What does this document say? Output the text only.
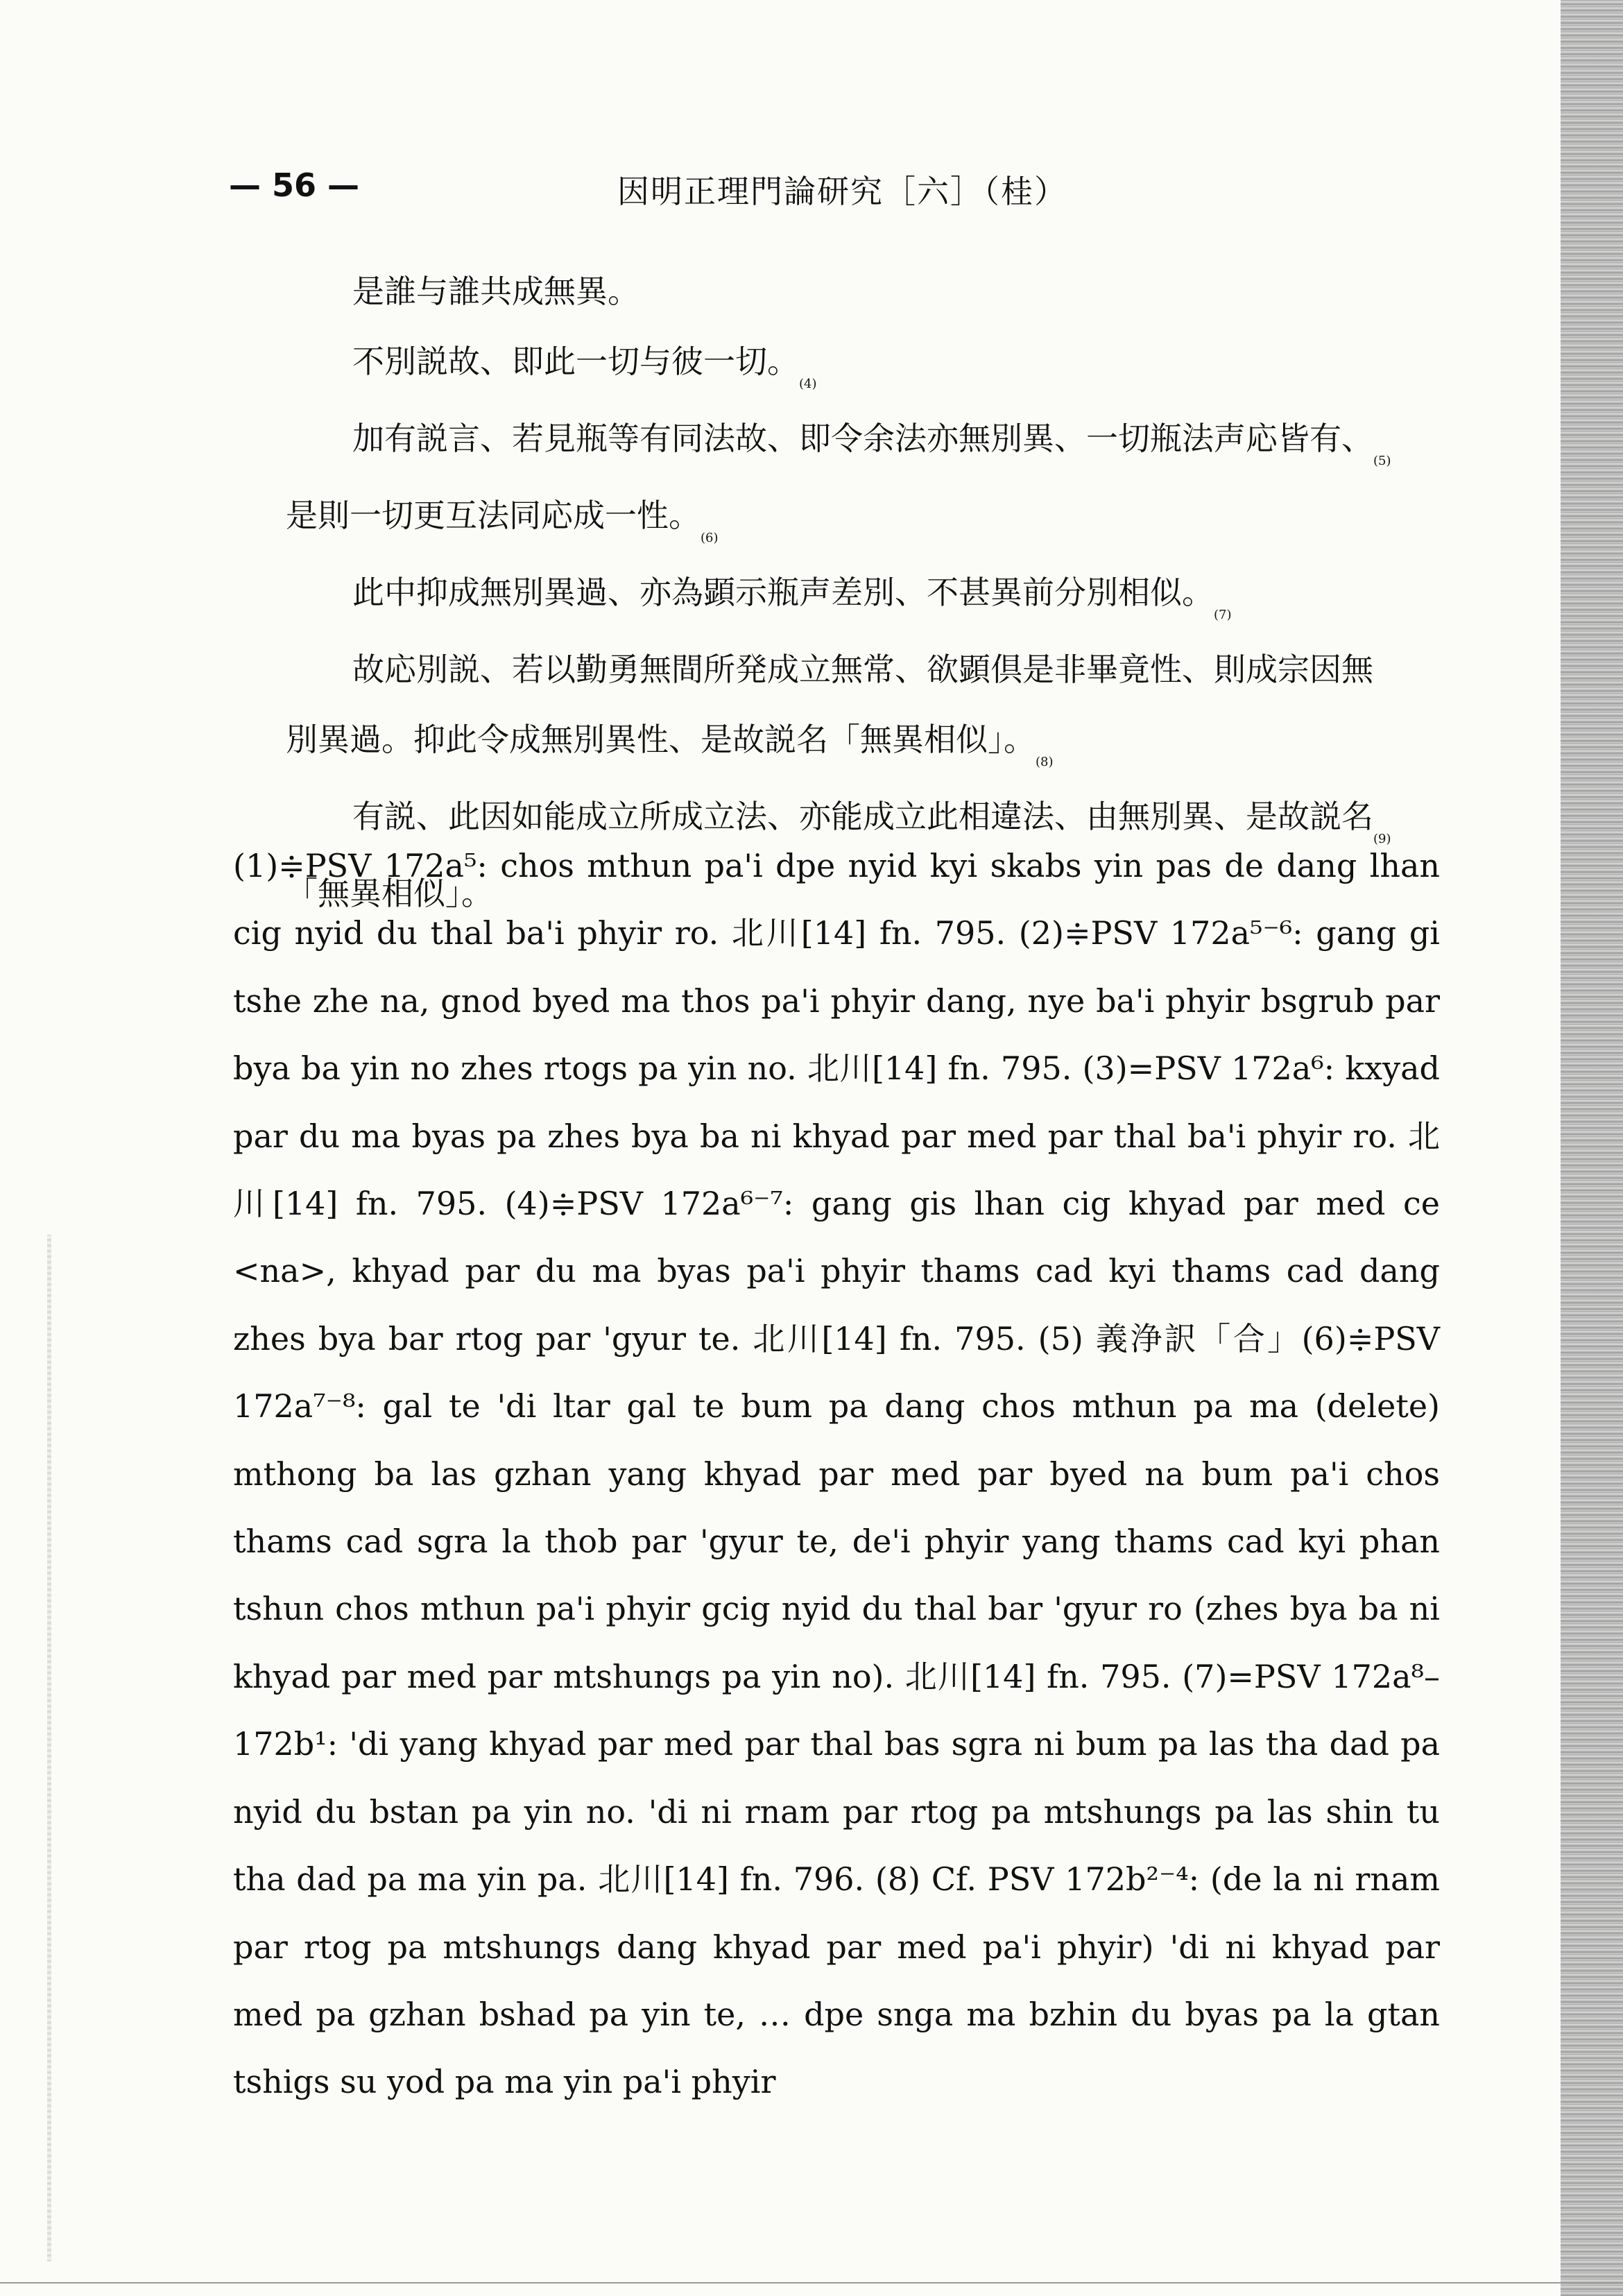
— 56 —	因明正理門論研究［六］（桂）

是誰与誰共成無異。

不別説故、即此一切与彼一切。$_{(4)}$

加有説言、若見瓶等有同法故、即令余法亦無別異、一切瓶法声応皆有、$_{(5)}$

是則一切更互法同応成一性。$_{(6)}$

此中抑成無別異過、亦為顕示瓶声差別、不甚異前分別相似。$_{(7)}$

故応別説、若以勤勇無間所発成立無常、欲顕倶是非畢竟性、則成宗因無

別異過。抑此令成無別異性、是故説名「無異相似」。$_{(8)}$

有説、此因如能成立所成立法、亦能成立此相違法、由無別異、是故説名$_{(9)}$

「無異相似」。

(1)≑PSV 172a⁵: chos mthun pa'i dpe nyid kyi skabs yin pas de dang lhan cig nyid du thal ba'i phyir ro. 北川[14] fn. 795. (2)≑PSV 172a⁵⁻⁶: gang gi tshe zhe na, gnod byed ma thos pa'i phyir dang, nye ba'i phyir bsgrub par bya ba yin no zhes rtogs pa yin no. 北川[14] fn. 795. (3)=PSV 172a⁶: kxyad par du ma byas pa zhes bya ba ni khyad par med par thal ba'i phyir ro. 北川[14] fn. 795. (4)≑PSV 172a⁶⁻⁷: gang gis lhan cig khyad par med ce <na>, khyad par du ma byas pa'i phyir thams cad kyi thams cad dang zhes bya bar rtog par 'gyur te. 北川[14] fn. 795. (5) 義浄訳「合」(6)≑PSV 172a⁷⁻⁸: gal te 'di ltar gal te bum pa dang chos mthun pa ma (delete) mthong ba las gzhan yang khyad par med par byed na bum pa'i chos thams cad sgra la thob par 'gyur te, de'i phyir yang thams cad kyi phan tshun chos mthun pa'i phyir gcig nyid du thal bar 'gyur ro (zhes bya ba ni khyad par med par mtshungs pa yin no). 北川[14] fn. 795. (7)=PSV 172a⁸–172b¹: 'di yang khyad par med par thal bas sgra ni bum pa las tha dad pa nyid du bstan pa yin no. 'di ni rnam par rtog pa mtshungs pa las shin tu tha dad pa ma yin pa. 北川[14] fn. 796. (8) Cf. PSV 172b²⁻⁴: (de la ni rnam par rtog pa mtshungs dang khyad par med pa'i phyir) 'di ni khyad par med pa gzhan bshad pa yin te, … dpe snga ma bzhin du byas pa la gtan tshigs su yod pa ma yin pa'i phyir
